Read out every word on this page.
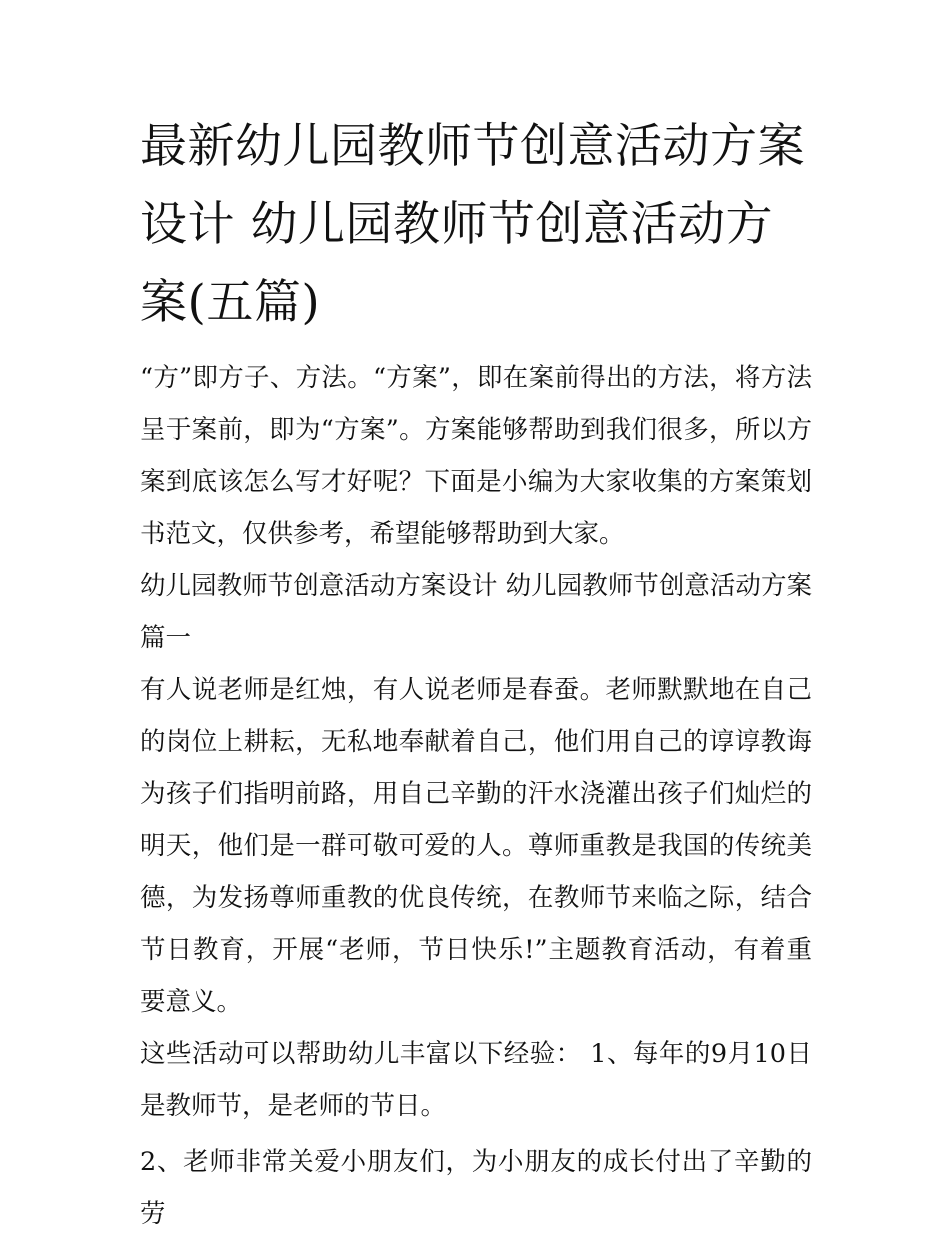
最新幼儿园教师节创意活动方案设计 幼儿园教师节创意活动方案(五篇)

“方”即方子、方法。“方案”，即在案前得出的方法，将方法呈于案前，即为“方案”。方案能够帮助到我们很多，所以方案到底该怎么写才好呢？下面是小编为大家收集的方案策划书范文，仅供参考，希望能够帮助到大家。

幼儿园教师节创意活动方案设计 幼儿园教师节创意活动方案篇一

有人说老师是红烛，有人说老师是春蚕。老师默默地在自己的岗位上耕耘，无私地奉献着自己，他们用自己的谆谆教诲为孩子们指明前路，用自己辛勤的汗水浇灌出孩子们灿烂的明天，他们是一群可敬可爱的人。尊师重教是我国的传统美德，为发扬尊师重教的优良传统，在教师节来临之际，结合节日教育，开展“老师，节日快乐!”主题教育活动，有着重要意义。

这些活动可以帮助幼儿丰富以下经验： 1、每年的9月10日是教师节，是老师的节日。

2、老师非常关爱小朋友们，为小朋友的成长付出了辛勤的劳
